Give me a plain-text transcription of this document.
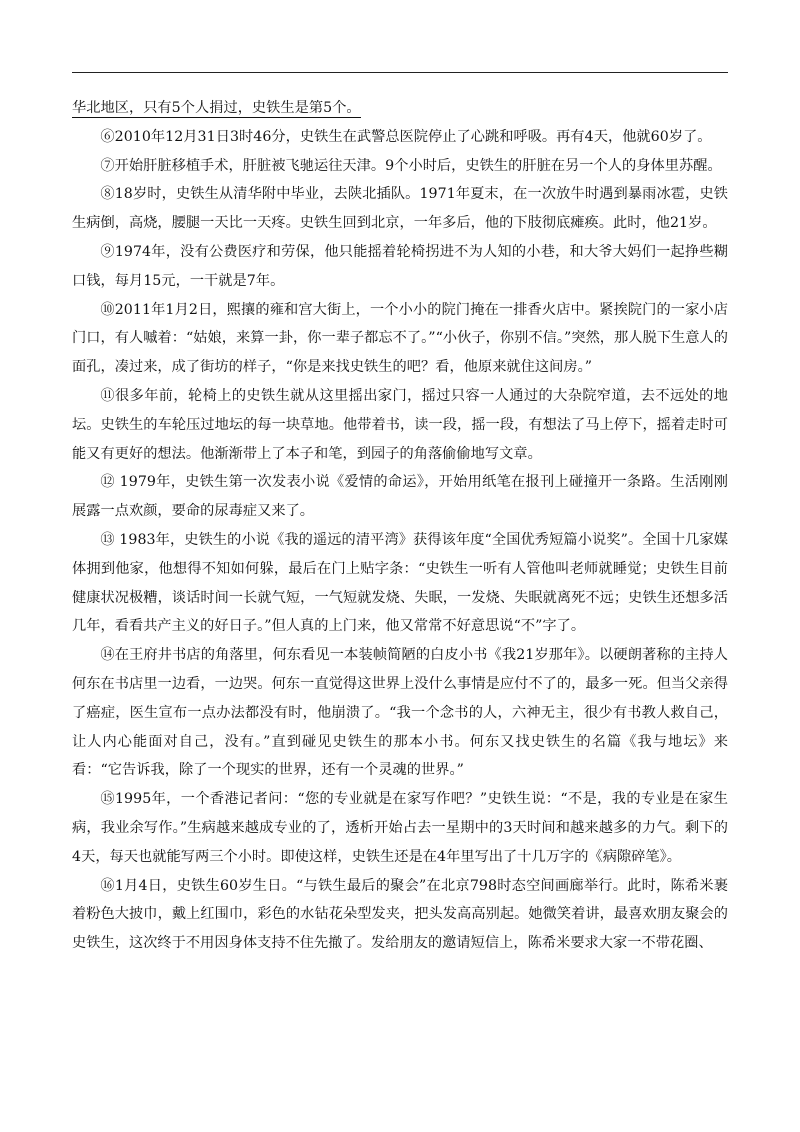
华北地区，只有5个人捐过，史铁生是第5个。

⑥2010年12月31日3时46分，史铁生在武警总医院停止了心跳和呼吸。再有4天，他就60岁了。

⑦开始肝脏移植手术，肝脏被飞驰运往天津。9个小时后，史铁生的肝脏在另一个人的身体里苏醒。

⑧18岁时，史铁生从清华附中毕业，去陕北插队。1971年夏末，在一次放牛时遇到暴雨冰雹，史铁生病倒，高烧，腰腿一天比一天疼。史铁生回到北京，一年多后，他的下肢彻底瘫痪。此时，他21岁。

⑨1974年，没有公费医疗和劳保，他只能摇着轮椅拐进不为人知的小巷，和大爷大妈们一起挣些糊口钱，每月15元，一干就是7年。

⑩2011年1月2日，熙攘的雍和宫大街上，一个小小的院门掩在一排香火店中。紧挨院门的一家小店门口，有人嘁着：“姑娘，来算一卦，你一辈子都忘不了。”“小伙子，你别不信。”突然，那人脱下生意人的面孔，凑过来，成了街坊的样子，“你是来找史铁生的吧？看，他原来就住这间房。”

⑪很多年前，轮椅上的史铁生就从这里摇出家门，摇过只容一人通过的大杂院窄道，去不远处的地坛。史铁生的车轮压过地坛的每一块草地。他带着书，读一段，摇一段，有想法了马上停下，摇着走时可能又有更好的想法。他渐渐带上了本子和笔，到园子的角落偷偷地写文章。

⑫ 1979年，史铁生第一次发表小说《爱情的命运》，开始用纸笔在报刊上碰撞开一条路。生活刚刚展露一点欢颜，要命的尿毒症又来了。

⑬ 1983年，史铁生的小说《我的遥远的清平湾》获得该年度“全国优秀短篇小说奖”。全国十几家媒体拥到他家，他想得不知如何躲，最后在门上贴字条：“史铁生一听有人管他叫老师就睡觉；史铁生目前健康状况极糟，谈话时间一长就气短，一气短就发烧、失眠，一发烧、失眠就离死不远；史铁生还想多活几年，看看共产主义的好日子。”但人真的上门来，他又常常不好意思说“不”字了。

⑭在王府井书店的角落里，何东看见一本装帧简陋的白皮小书《我21岁那年》。以硬朗著称的主持人何东在书店里一边看，一边哭。何东一直觉得这世界上没什么事情是应付不了的，最多一死。但当父亲得了癌症，医生宣布一点办法都没有时，他崩溃了。“我一个念书的人，六神无主，很少有书教人救自己，让人内心能面对自己，没有。”直到碰见史铁生的那本小书。何东又找史铁生的名篇《我与地坛》来看：“它告诉我，除了一个现实的世界，还有一个灵魂的世界。”

⑮1995年，一个香港记者问：“您的专业就是在家写作吧？”史铁生说：“不是，我的专业是在家生病，我业余写作。”生病越来越成专业的了，透析开始占去一星期中的3天时间和越来越多的力气。剩下的4天，每天也就能写两三个小时。即使这样，史铁生还是在4年里写出了十几万字的《病隙碎笔》。

⑯1月4日，史铁生60岁生日。“与铁生最后的聚会”在北京798时态空间画廊举行。此时，陈希米裹着粉色大披巾，戴上红围巾，彩色的水钻花朵型发夹，把头发高高别起。她微笑着讲，最喜欢朋友聚会的史铁生，这次终于不用因身体支持不住先撤了。发给朋友的邀请短信上，陈希米要求大家一不带花圈、
